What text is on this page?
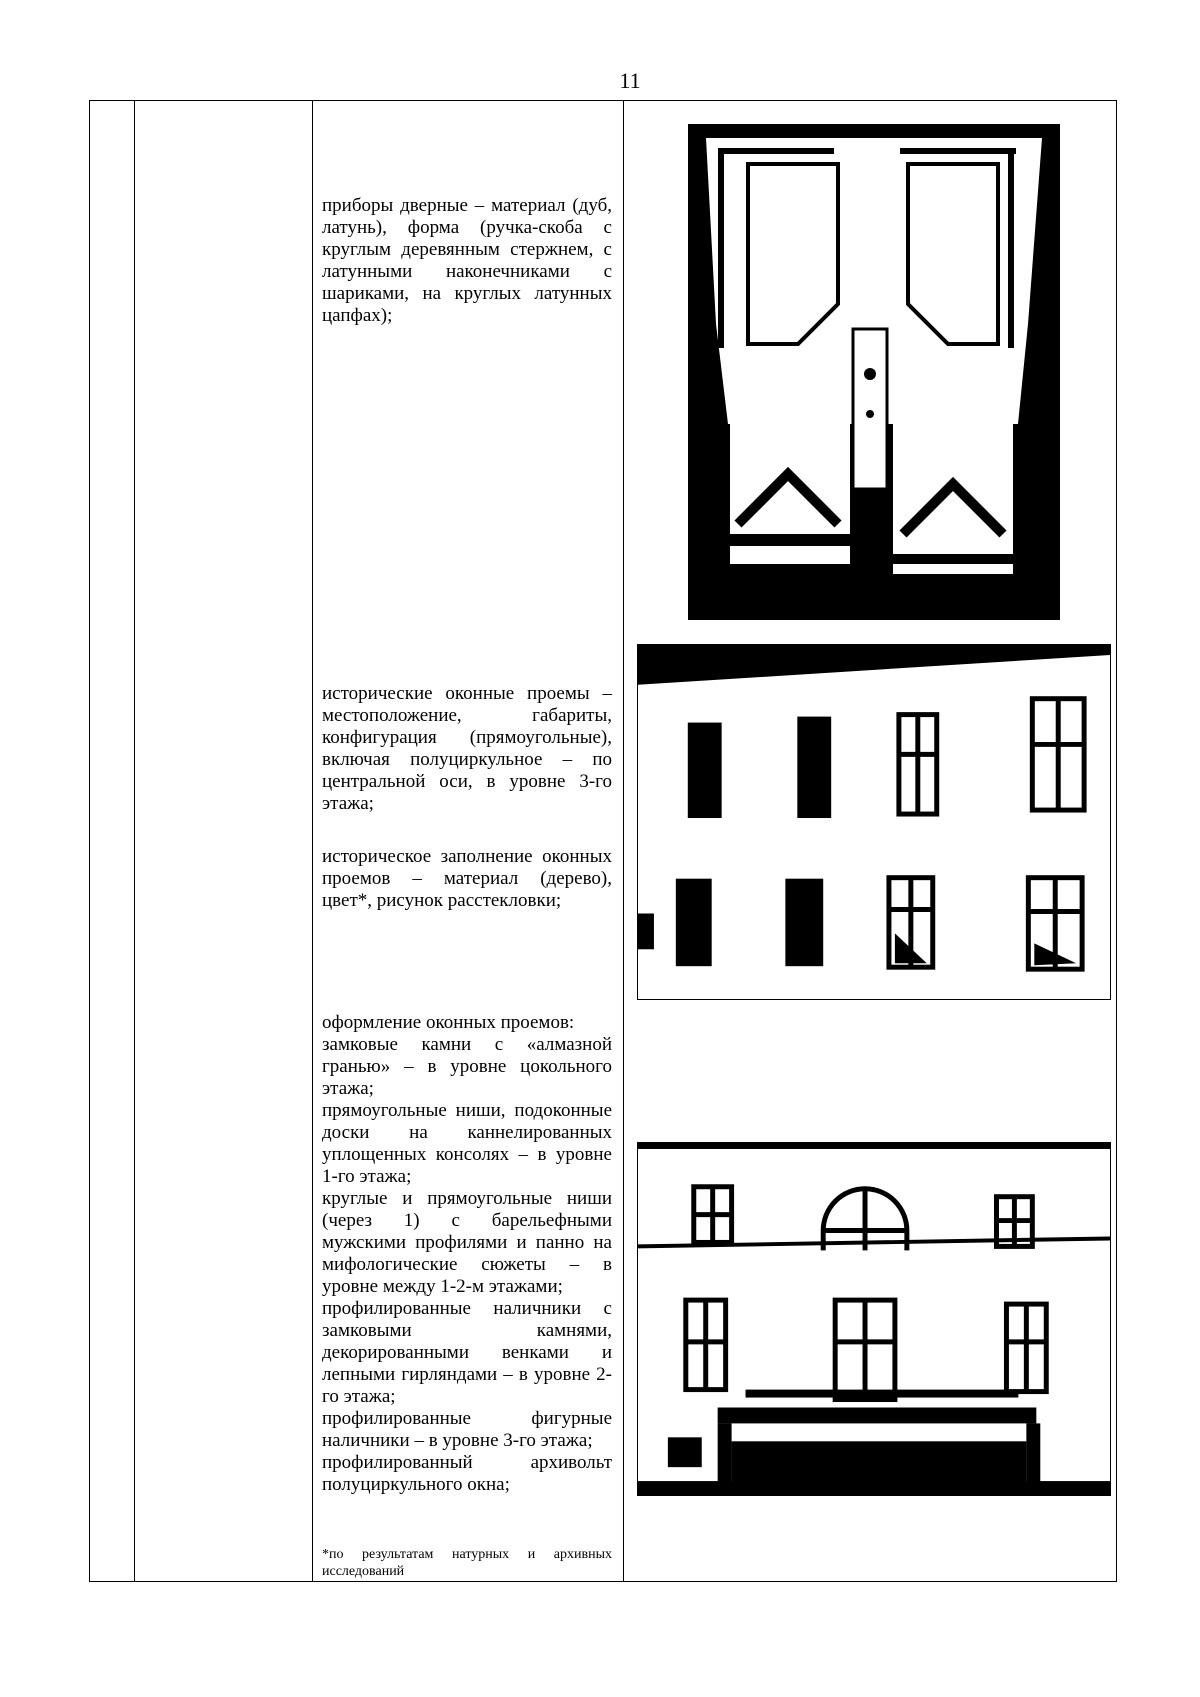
11

приборы дверные – материал (дуб, латунь), форма (ручка-скоба с круглым деревянным стержнем, с латунными наконечниками с шариками, на круглых латунных цапфах);

исторические оконные проемы – местоположение, габариты, конфигурация (прямоугольные), включая полуциркульное – по центральной оси, в уровне 3-го этажа;

историческое заполнение оконных проемов – материал (дерево), цвет*, рисунок расстекловки;

оформление оконных проемов:

замковые камни с «алмазной гранью» – в уровне цокольного этажа;

прямоугольные ниши, подоконные доски на каннелированных уплощенных консолях – в уровне 1-го этажа;

круглые и прямоугольные ниши (через 1) с барельефными мужскими профилями и панно на мифологические сюжеты – в уровне между 1-2-м этажами;

профилированные наличники с замковыми камнями, декорированными венками и лепными гирляндами – в уровне 2-го этажа;

профилированные фигурные наличники – в уровне 3-го этажа;

профилированный архивольт полуциркульного окна;

*по результатам натурных и архивных исследований
